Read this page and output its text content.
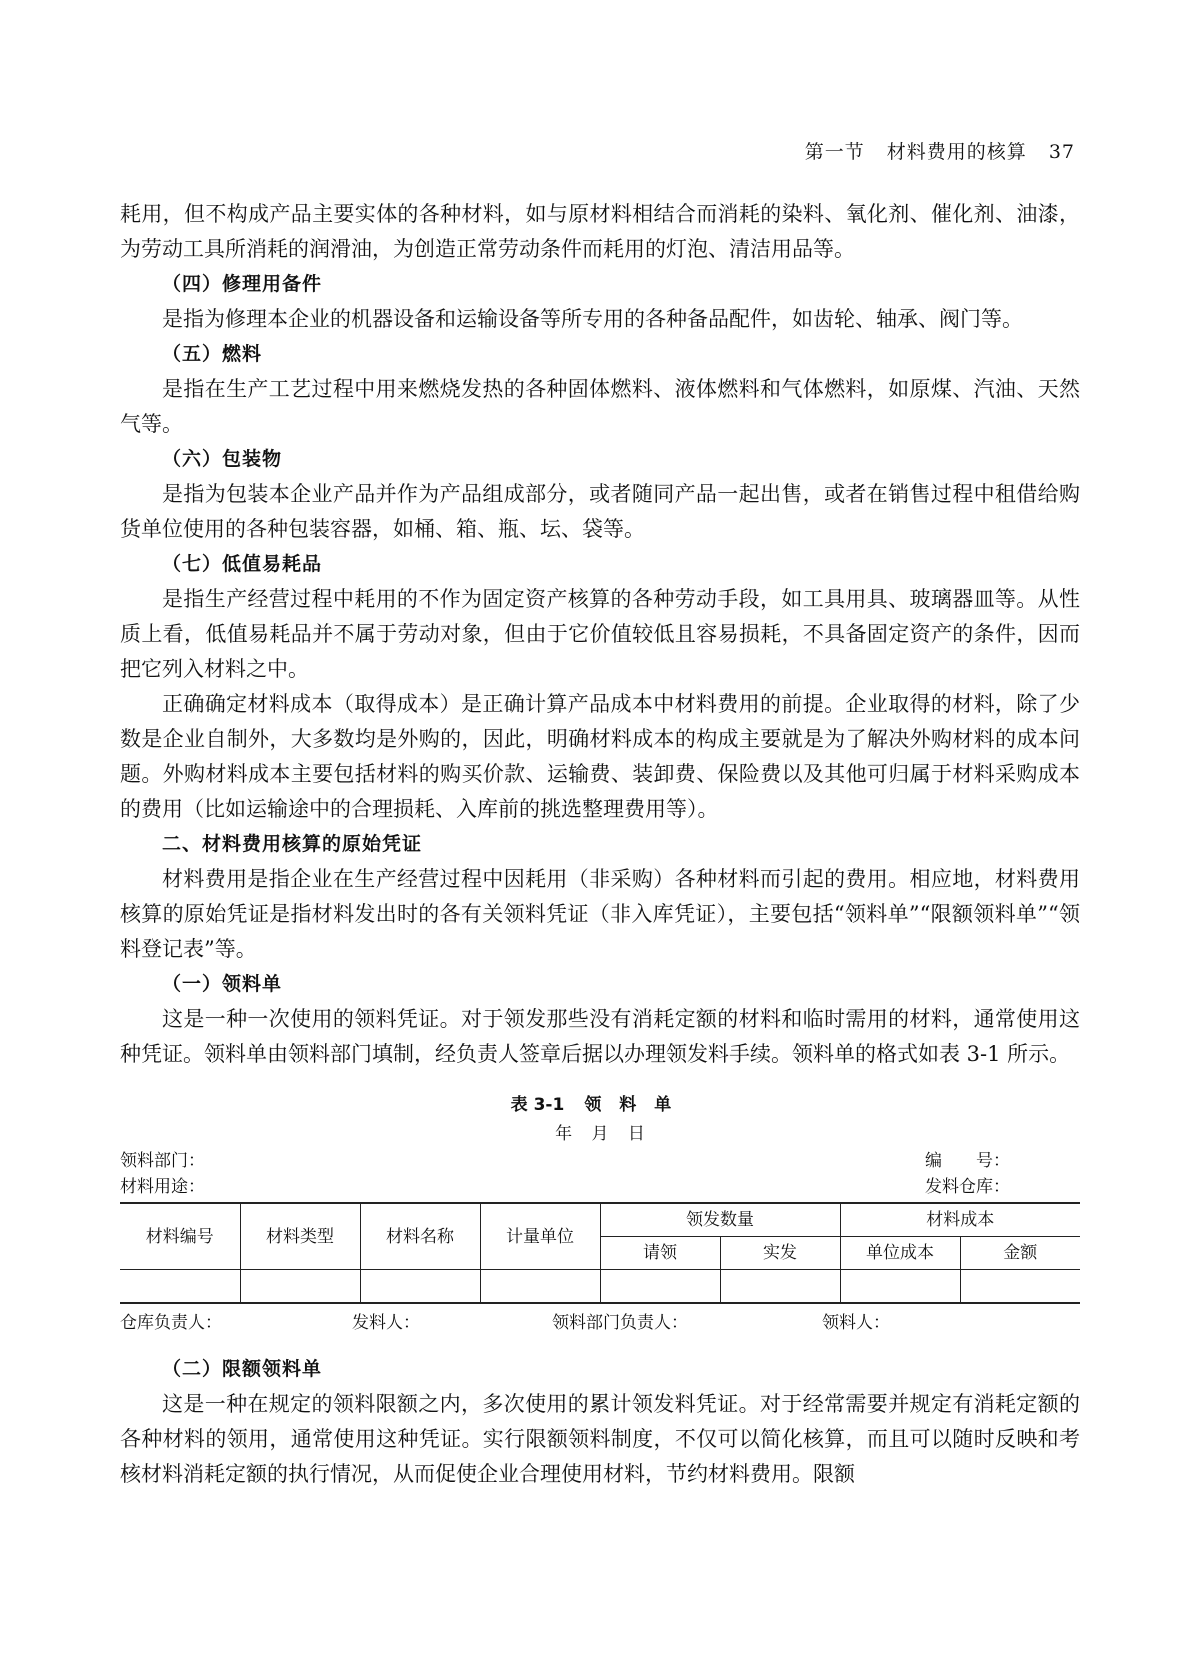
第一节 材料费用的核算 37

耗用，但不构成产品主要实体的各种材料，如与原材料相结合而消耗的染料、氧化剂、催化剂、油漆，为劳动工具所消耗的润滑油，为创造正常劳动条件而耗用的灯泡、清洁用品等。

（四）修理用备件

是指为修理本企业的机器设备和运输设备等所专用的各种备品配件，如齿轮、轴承、阀门等。

（五）燃料

是指在生产工艺过程中用来燃烧发热的各种固体燃料、液体燃料和气体燃料，如原煤、汽油、天然气等。

（六）包装物

是指为包装本企业产品并作为产品组成部分，或者随同产品一起出售，或者在销售过程中租借给购货单位使用的各种包装容器，如桶、箱、瓶、坛、袋等。

（七）低值易耗品

是指生产经营过程中耗用的不作为固定资产核算的各种劳动手段，如工具用具、玻璃器皿等。从性质上看，低值易耗品并不属于劳动对象，但由于它价值较低且容易损耗，不具备固定资产的条件，因而把它列入材料之中。

正确确定材料成本（取得成本）是正确计算产品成本中材料费用的前提。企业取得的材料，除了少数是企业自制外，大多数均是外购的，因此，明确材料成本的构成主要就是为了解决外购材料的成本问题。外购材料成本主要包括材料的购买价款、运输费、装卸费、保险费以及其他可归属于材料采购成本的费用（比如运输途中的合理损耗、入库前的挑选整理费用等）。

二、材料费用核算的原始凭证

材料费用是指企业在生产经营过程中因耗用（非采购）各种材料而引起的费用。相应地，材料费用核算的原始凭证是指材料发出时的各有关领料凭证（非入库凭证），主要包括“领料单”“限额领料单”“领料登记表”等。

（一）领料单

这是一种一次使用的领料凭证。对于领发那些没有消耗定额的材料和临时需用的材料，通常使用这种凭证。领料单由领料部门填制，经负责人签章后据以办理领发料手续。领料单的格式如表 3-1 所示。

表 3-1 领料单
年 月 日
领料部门：	编　　号：
材料用途：	发料仓库：
材料编号	材料类型	材料名称	计量单位	领发数量		材料成本	
				请领	实发	单位成本	金额

仓库负责人：	发料人：	领料部门负责人：	领料人：

（二）限额领料单

这是一种在规定的领料限额之内，多次使用的累计领发料凭证。对于经常需要并规定有消耗定额的各种材料的领用，通常使用这种凭证。实行限额领料制度，不仅可以简化核算，而且可以随时反映和考核材料消耗定额的执行情况，从而促使企业合理使用材料，节约材料费用。限额
